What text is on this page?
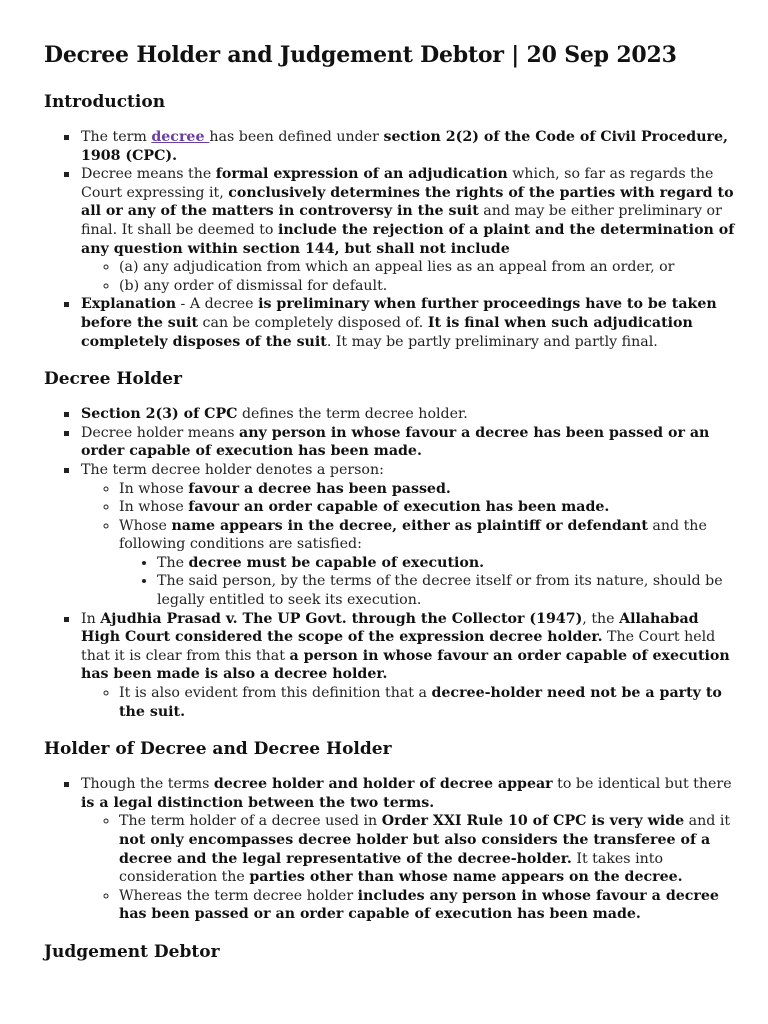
Decree Holder and Judgement Debtor | 20 Sep 2023
Introduction
The term decree has been defined under section 2(2) of the Code of Civil Procedure, 1908 (CPC).
Decree means the formal expression of an adjudication which, so far as regards the Court expressing it, conclusively determines the rights of the parties with regard to all or any of the matters in controversy in the suit and may be either preliminary or final. It shall be deemed to include the rejection of a plaint and the determination of any question within section 144, but shall not include
◦ (a) any adjudication from which an appeal lies as an appeal from an order, or
◦ (b) any order of dismissal for default.
Explanation - A decree is preliminary when further proceedings have to be taken before the suit can be completely disposed of. It is final when such adjudication completely disposes of the suit. It may be partly preliminary and partly final.
Decree Holder
Section 2(3) of CPC defines the term decree holder.
Decree holder means any person in whose favour a decree has been passed or an order capable of execution has been made.
The term decree holder denotes a person:
◦ In whose favour a decree has been passed.
◦ In whose favour an order capable of execution has been made.
◦ Whose name appears in the decree, either as plaintiff or defendant and the following conditions are satisfied:
• The decree must be capable of execution.
• The said person, by the terms of the decree itself or from its nature, should be legally entitled to seek its execution.
In Ajudhia Prasad v. The UP Govt. through the Collector (1947), the Allahabad High Court considered the scope of the expression decree holder. The Court held that it is clear from this that a person in whose favour an order capable of execution has been made is also a decree holder.
◦ It is also evident from this definition that a decree-holder need not be a party to the suit.
Holder of Decree and Decree Holder
Though the terms decree holder and holder of decree appear to be identical but there is a legal distinction between the two terms.
◦ The term holder of a decree used in Order XXI Rule 10 of CPC is very wide and it not only encompasses decree holder but also considers the transferee of a decree and the legal representative of the decree-holder. It takes into consideration the parties other than whose name appears on the decree.
◦ Whereas the term decree holder includes any person in whose favour a decree has been passed or an order capable of execution has been made.
Judgement Debtor
